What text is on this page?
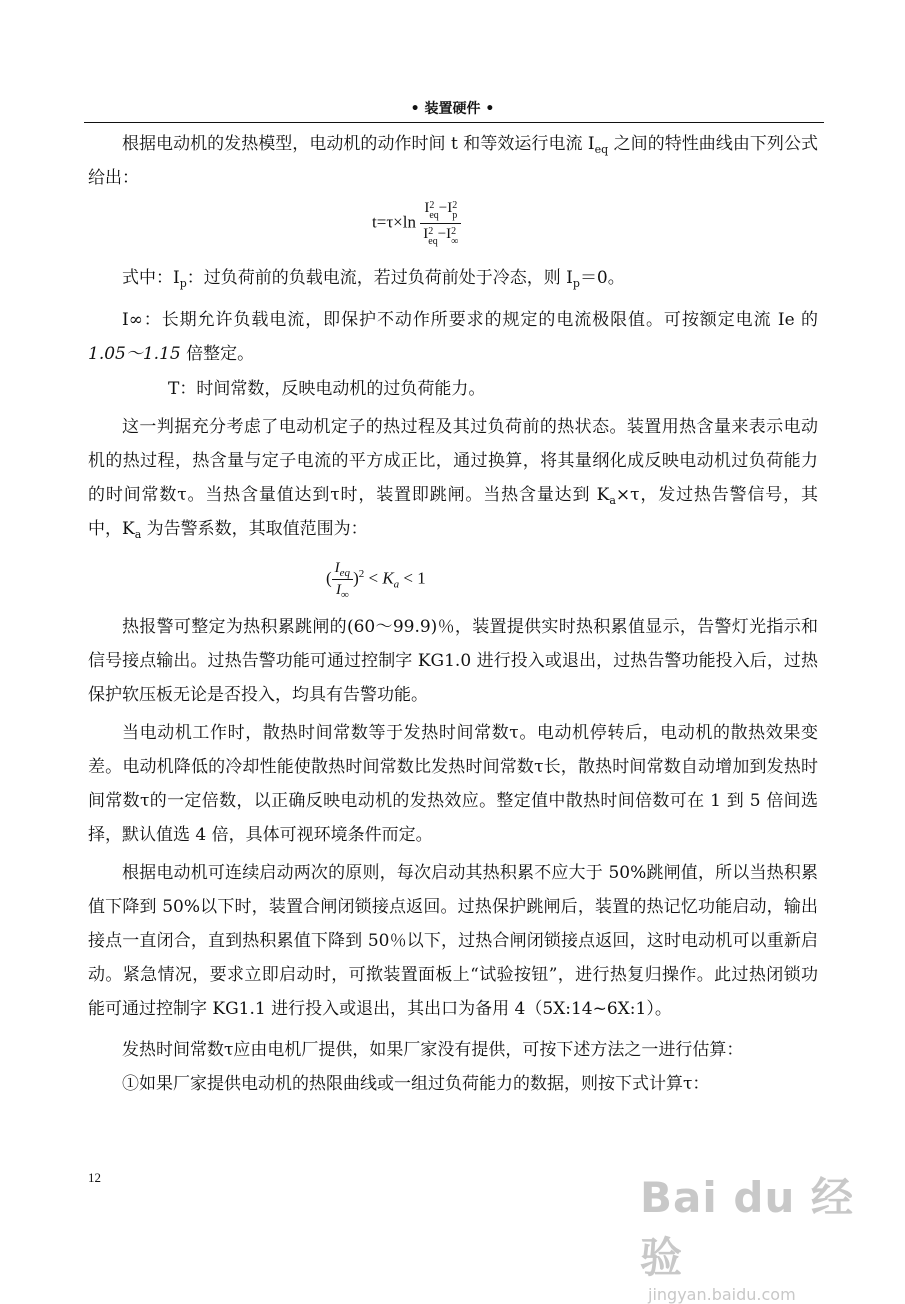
• 装置硬件 •

根据电动机的发热模型，电动机的动作时间 t 和等效运行电流 $I_{eq}$ 之间的特性曲线由下列公式给出：

t=τ×ln I 2
eq −I 2
p
I 2
eq −I 2
∞

式中：$I_p$：过负荷前的负载电流，若过负荷前处于冷态，则 $I_p=0$。

I∞：长期允许负载电流，即保护不动作所要求的规定的电流极限值。可按额定电流 Ie 的 1.05～1.15 倍整定。

T：时间常数，反映电动机的过负荷能力。

这一判据充分考虑了电动机定子的热过程及其过负荷前的热状态。装置用热含量来表示电动机的热过程，热含量与定子电流的平方成正比，通过换算，将其量纲化成反映电动机过负荷能力的时间常数τ。当热含量值达到τ时，装置即跳闸。当热含量达到 $K_a\times\tau$，发过热告警信号，其中，$K_a$ 为告警系数，其取值范围为：

( $\frac{I_{eq}}{I_\infty} )^2 < K_a < 1$

热报警可整定为热积累跳闸的(60～99.9)％，装置提供实时热积累值显示，告警灯光指示和信号接点输出。过热告警功能可通过控制字 KG1.0 进行投入或退出，过热告警功能投入后，过热保护软压板无论是否投入，均具有告警功能。

当电动机工作时，散热时间常数等于发热时间常数τ。电动机停转后，电动机的散热效果变差。电动机降低的冷却性能使散热时间常数比发热时间常数τ长，散热时间常数自动增加到发热时间常数τ的一定倍数，以正确反映电动机的发热效应。整定值中散热时间倍数可在 1 到 5 倍间选择，默认值选 4 倍，具体可视环境条件而定。

根据电动机可连续启动两次的原则，每次启动其热积累不应大于 50%跳闸值，所以当热积累值下降到 50%以下时，装置合闸闭锁接点返回。过热保护跳闸后，装置的热记忆功能启动，输出接点一直闭合，直到热积累值下降到 50％以下，过热合闸闭锁接点返回，这时电动机可以重新启动。紧急情况，要求立即启动时，可揿装置面板上“试验按钮”，进行热复归操作。此过热闭锁功能可通过控制字 KG1.1 进行投入或退出，其出口为备用 4（5X:14~6X:1）。

发热时间常数τ应由电机厂提供，如果厂家没有提供，可按下述方法之一进行估算：

①如果厂家提供电动机的热限曲线或一组过负荷能力的数据，则按下式计算τ：

12	Bai du 经验
jingyan.baidu.com
